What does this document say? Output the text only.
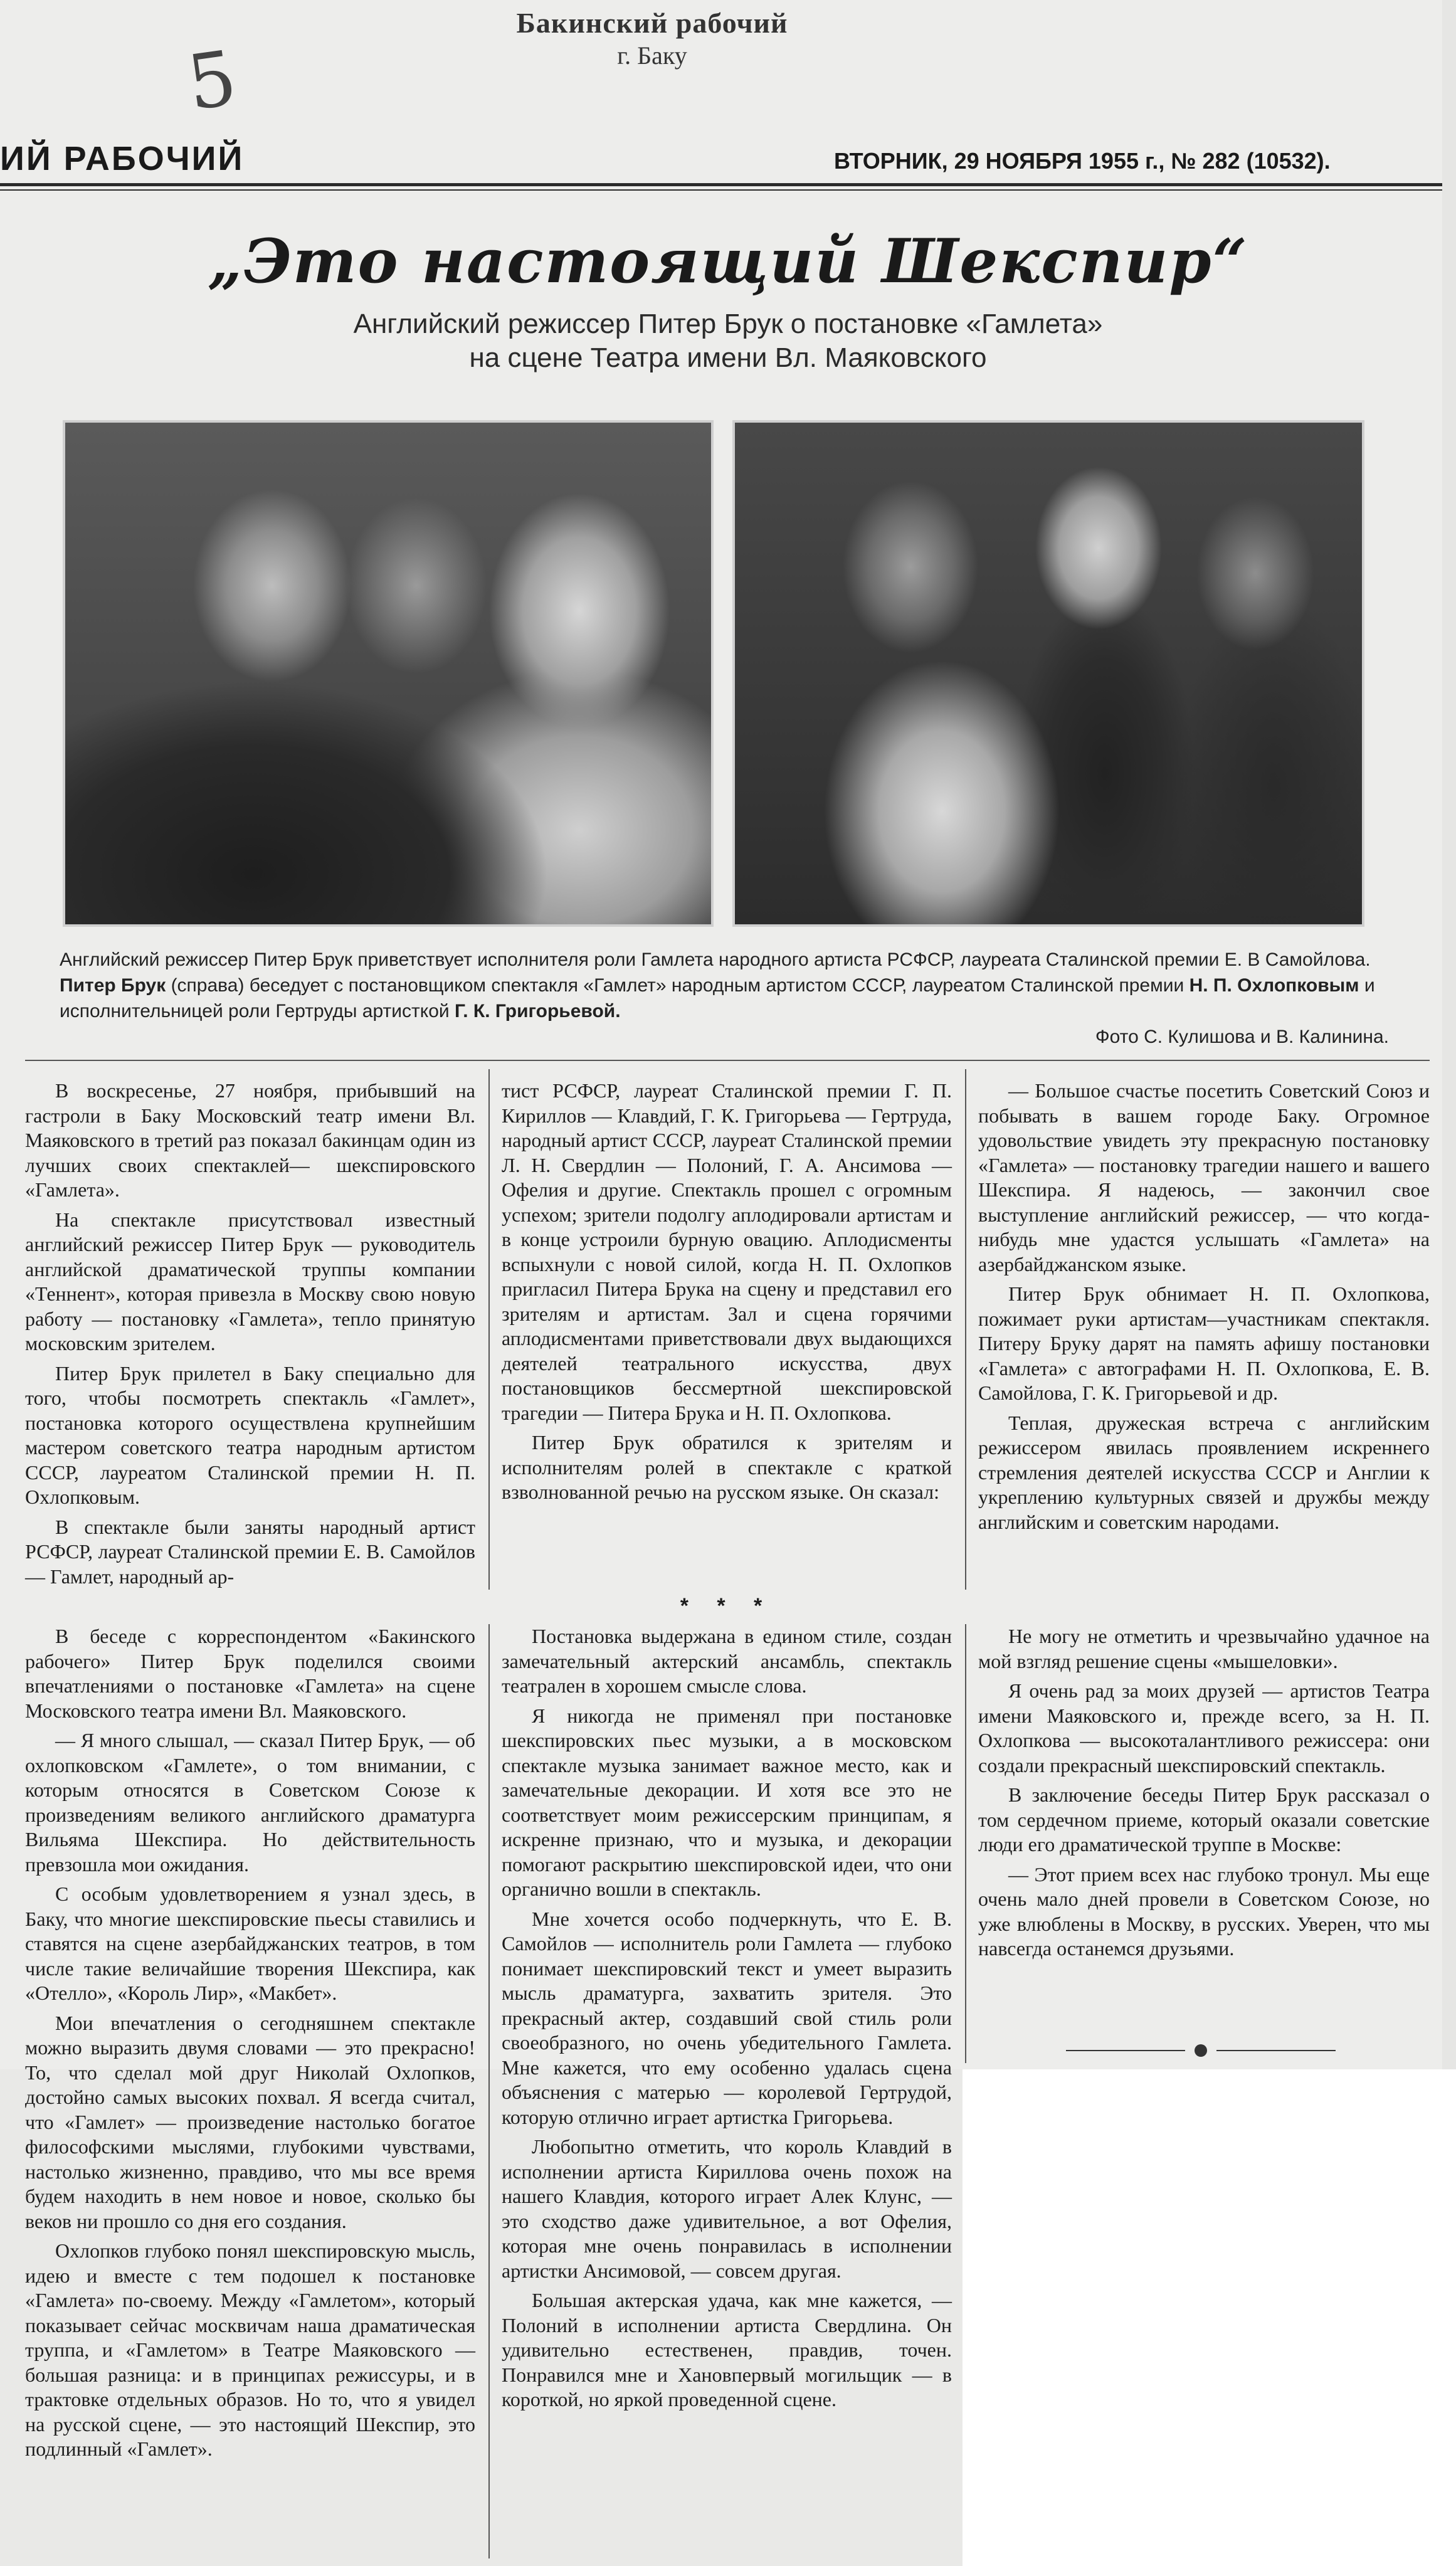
Бакинский рабочий
г. Баку
5
ИЙ РАБОЧИЙ	ВТОРНИК, 29 НОЯБРЯ 1955 г., № 282 (10532).
„Это настоящий Шекспир“
Английский режиссер Питер Брук о постановке «Гамлета»
на сцене Театра имени Вл. Маяковского
Английский режиссер Питер Брук приветствует исполнителя роли Гамлета народного артиста РСФСР, лауреата Сталинской премии Е. В Самойлова. Питер Брук (справа) беседует с постановщиком спектакля «Гамлет» народным артистом СССР, лауреатом Сталинской премии Н. П. Охлопковым и исполнительницей роли Гертруды артисткой Г. К. Григорьевой.
Фото С. Кулишова и В. Калинина.

В воскресенье, 27 ноября, прибывший на гастроли в Баку Московский театр имени Вл. Маяковского в третий раз показал бакинцам один из лучших своих спектаклей— шекспировского «Гамлета».

На спектакле присутствовал известный английский режиссер Питер Брук — руководитель английской драматической труппы компании «Теннент», которая привезла в Москву свою новую работу — постановку «Гамлета», тепло принятую московским зрителем.

Питер Брук прилетел в Баку специально для того, чтобы посмотреть спектакль «Гамлет», постановка которого осуществлена крупнейшим мастером советского театра народным артистом СССР, лауреатом Сталинской премии Н. П. Охлопковым.

В спектакле были заняты народный артист РСФСР, лауреат Сталинской премии Е. В. Самойлов — Гамлет, народный ар-

тист РСФСР, лауреат Сталинской премии Г. П. Кириллов — Клавдий, Г. К. Григорьева — Гертруда, народный артист СССР, лауреат Сталинской премии Л. Н. Свердлин — Полоний, Г. А. Ансимова — Офелия и другие. Спектакль прошел с огромным успехом; зрители подолгу аплодировали артистам и в конце устроили бурную овацию. Аплодисменты вспыхнули с новой силой, когда Н. П. Охлопков пригласил Питера Брука на сцену и представил его зрителям и артистам. Зал и сцена горячими аплодисментами приветствовали двух выдающихся деятелей театрального искусства, двух постановщиков бессмертной шекспировской трагедии — Питера Брука и Н. П. Охлопкова.

Питер Брук обратился к зрителям и исполнителям ролей в спектакле с краткой взволнованной речью на русском языке. Он сказал:

— Большое счастье посетить Советский Союз и побывать в вашем городе Баку. Огромное удовольствие увидеть эту прекрасную постановку «Гамлета» — постановку трагедии нашего и вашего Шекспира. Я надеюсь, — закончил свое выступление английский режиссер, — что когда-нибудь мне удастся услышать «Гамлета» на азербайджанском языке.

Питер Брук обнимает Н. П. Охлопкова, пожимает руки артистам—участникам спектакля. Питеру Бруку дарят на память афишу постановки «Гамлета» с автографами Н. П. Охлопкова, Е. В. Самойлова, Г. К. Григорьевой и др.

Теплая, дружеская встреча с английским режиссером явилась проявлением искреннего стремления деятелей искусства СССР и Англии к укреплению культурных связей и дружбы между английским и советским народами.

* * *

В беседе с корреспондентом «Бакинского рабочего» Питер Брук поделился своими впечатлениями о постановке «Гамлета» на сцене Московского театра имени Вл. Маяковского.

— Я много слышал, — сказал Питер Брук, — об охлопковском «Гамлете», о том внимании, с которым относятся в Советском Союзе к произведениям великого английского драматурга Вильяма Шекспира. Но действительность превзошла мои ожидания.

С особым удовлетворением я узнал здесь, в Баку, что многие шекспировские пьесы ставились и ставятся на сцене азербайджанских театров, в том числе такие величайшие творения Шекспира, как «Отелло», «Король Лир», «Макбет».

Мои впечатления о сегодняшнем спектакле можно выразить двумя словами — это прекрасно! То, что сделал мой друг Николай Охлопков, достойно самых высоких похвал. Я всегда считал, что «Гамлет» — произведение настолько богатое философскими мыслями, глубокими чувствами, настолько жизненно, правдиво, что мы все время будем находить в нем новое и новое, сколько бы веков ни прошло со дня его создания.

Охлопков глубоко понял шекспировскую мысль, идею и вместе с тем подошел к постановке «Гамлета» по-своему. Между «Гамлетом», который показывает сейчас москвичам наша драматическая труппа, и «Гамлетом» в Театре Маяковского — большая разница: и в принципах режиссуры, и в трактовке отдельных образов. Но то, что я увидел на русской сцене, — это настоящий Шекспир, это подлинный «Гамлет».

Постановка выдержана в едином стиле, создан замечательный актерский ансамбль, спектакль театрален в хорошем смысле слова.

Я никогда не применял при постановке шекспировских пьес музыки, а в московском спектакле музыка занимает важное место, как и замечательные декорации. И хотя все это не соответствует моим режиссерским принципам, я искренне признаю, что и музыка, и декорации помогают раскрытию шекспировской идеи, что они органично вошли в спектакль.

Мне хочется особо подчеркнуть, что Е. В. Самойлов — исполнитель роли Гамлета — глубоко понимает шекспировский текст и умеет выразить мысль драматурга, захватить зрителя. Это прекрасный актер, создавший свой стиль роли своеобразного, но очень убедительного Гамлета. Мне кажется, что ему особенно удалась сцена объяснения с матерью — королевой Гертрудой, которую отлично играет артистка Григорьева.

Любопытно отметить, что король Клавдий в исполнении артиста Кириллова очень похож на нашего Клавдия, которого играет Алек Клунс, — это сходство даже удивительное, а вот Офелия, которая мне очень понравилась в исполнении артистки Ансимовой, — совсем другая.

Большая актерская удача, как мне кажется, — Полоний в исполнении артиста Свердлина. Он удивительно естественен, правдив, точен. Понравился мне и Хановпервый могильщик — в короткой, но яркой проведенной сцене.

Не могу не отметить и чрезвычайно удачное на мой взгляд решение сцены «мышеловки».

Я очень рад за моих друзей — артистов Театра имени Маяковского и, прежде всего, за Н. П. Охлопкова — высокоталантливого режиссера: они создали прекрасный шекспировский спектакль.

В заключение беседы Питер Брук рассказал о том сердечном приеме, который оказали советские люди его драматической труппе в Москве:

— Этот прием всех нас глубоко тронул. Мы еще очень мало дней провели в Советском Союзе, но уже влюблены в Москву, в русских. Уверен, что мы навсегда останемся друзьями.
